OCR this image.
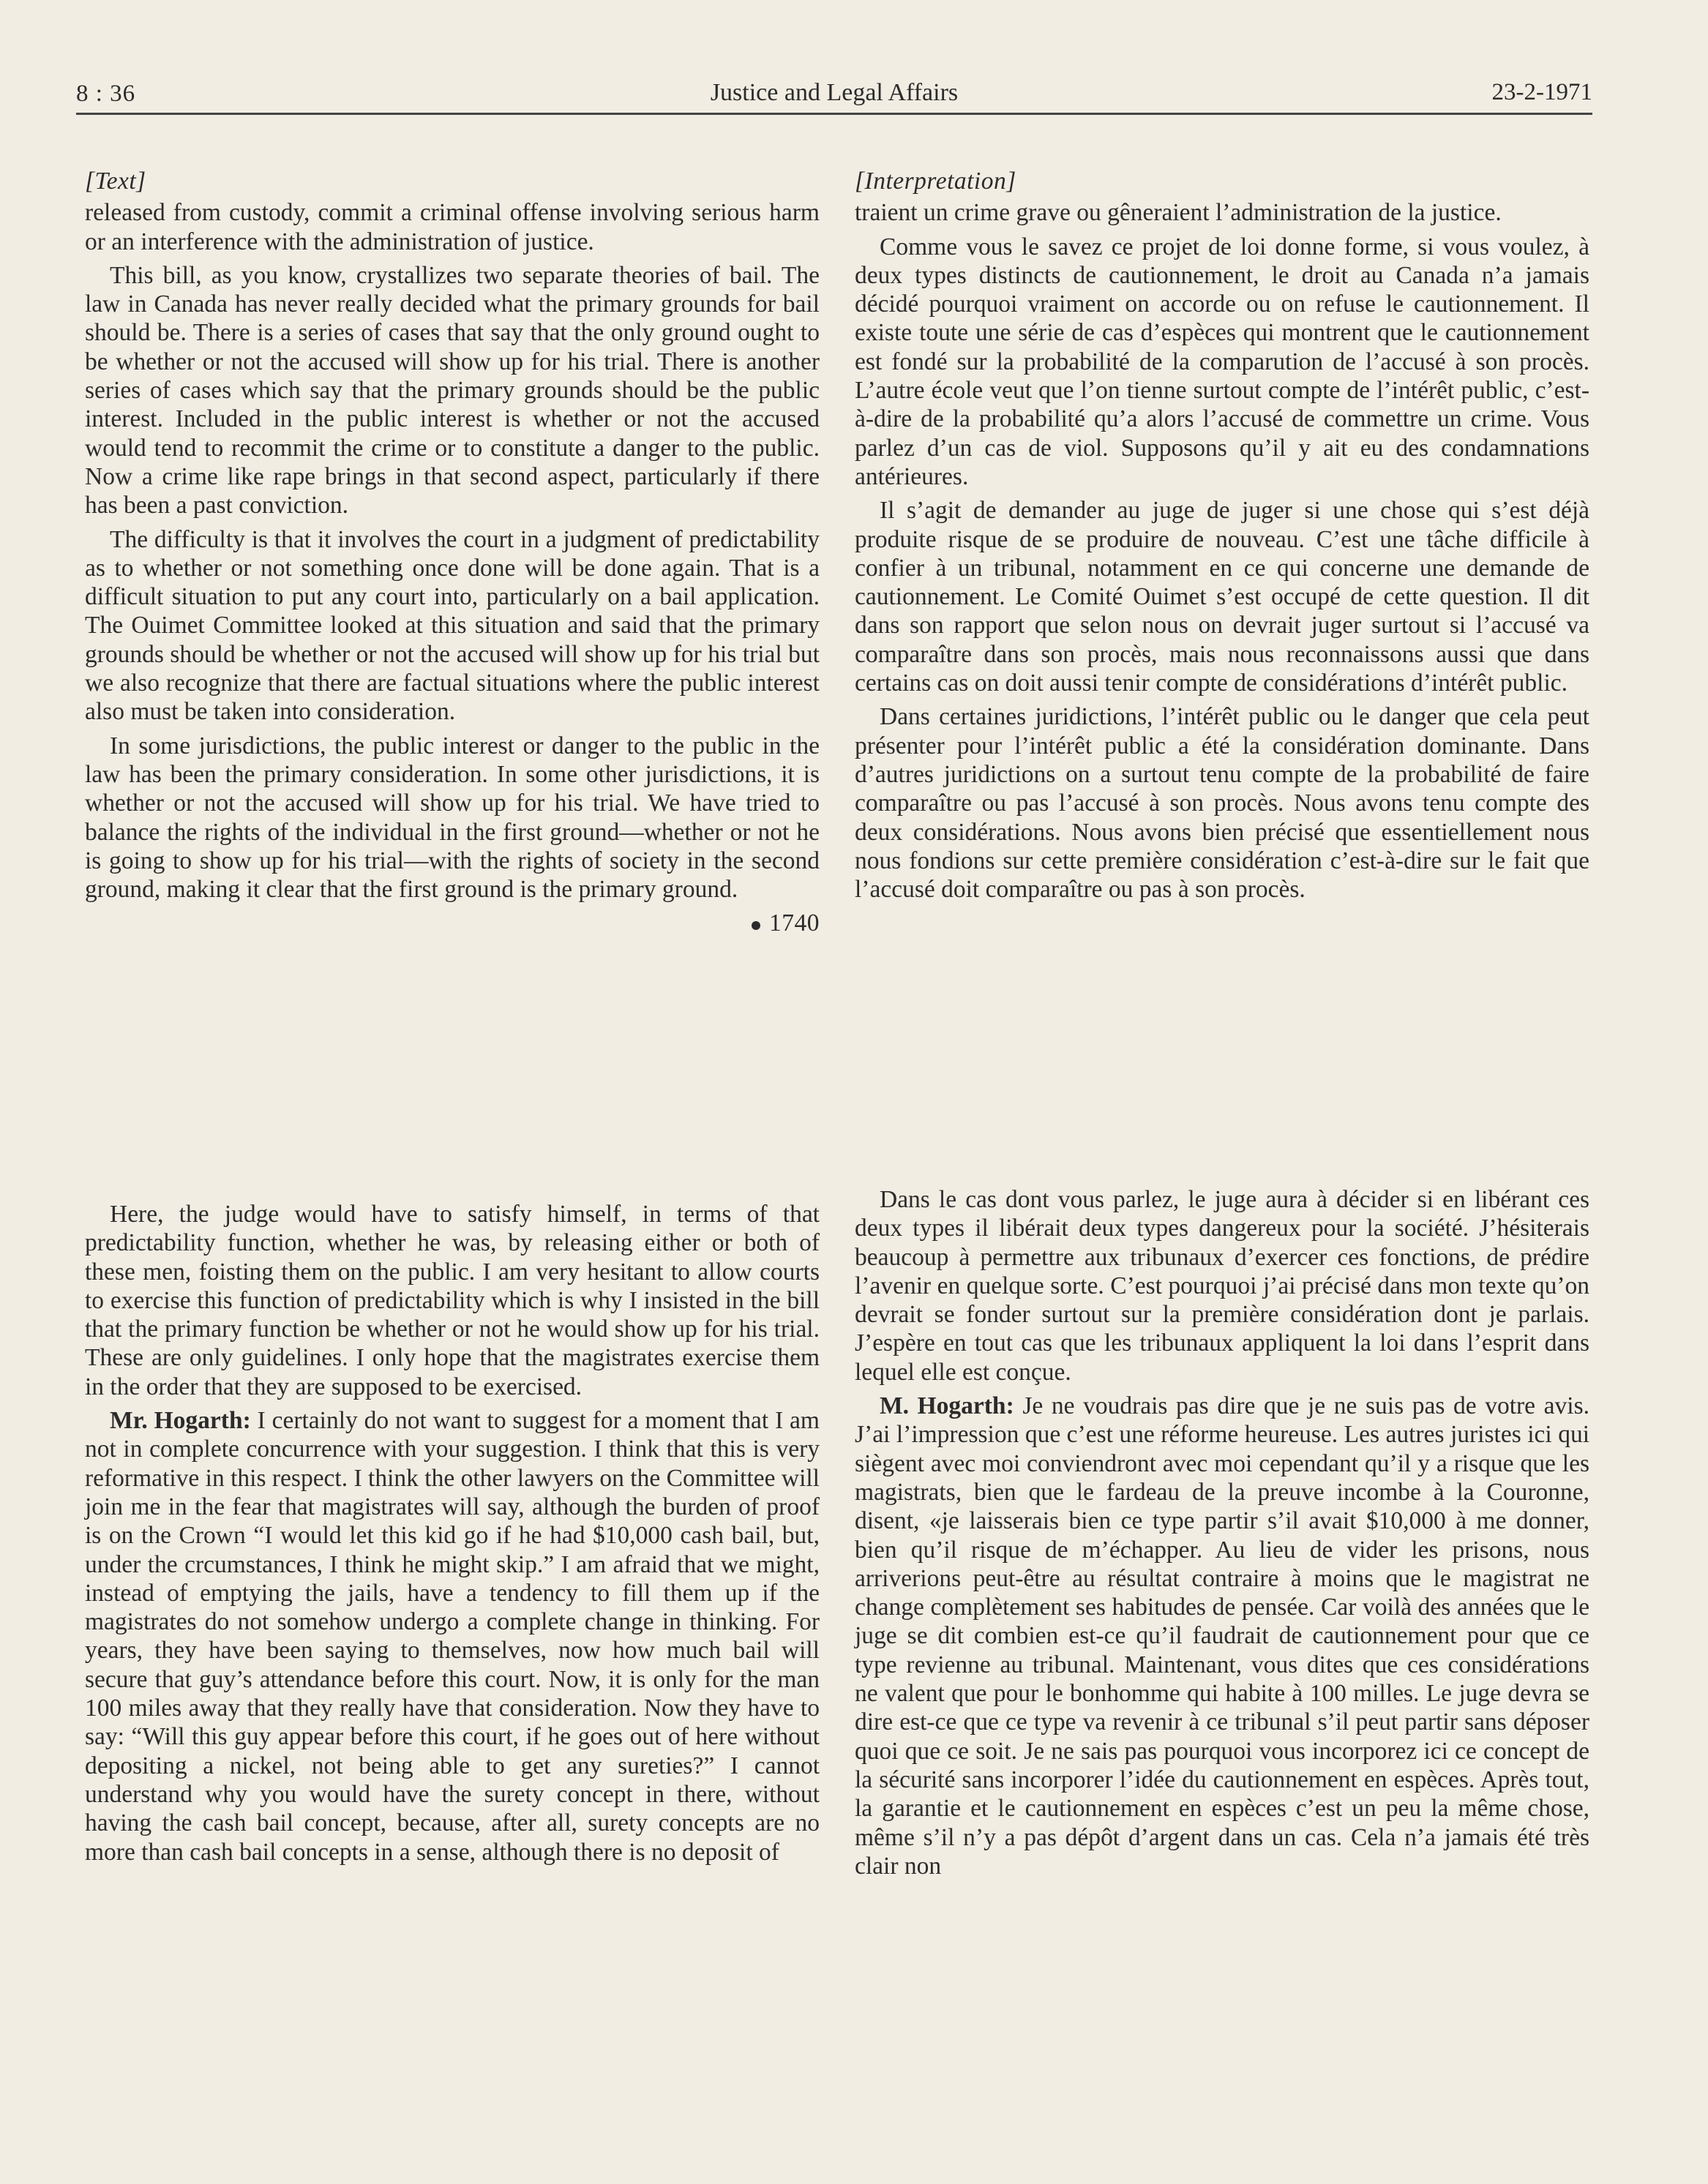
8 : 36	Justice and Legal Affairs	23-2-1971
[Text]

released from custody, commit a criminal offense involving serious harm or an interference with the administration of justice.

This bill, as you know, crystallizes two separate theories of bail. The law in Canada has never really decided what the primary grounds for bail should be. There is a series of cases that say that the only ground ought to be whether or not the accused will show up for his trial. There is another series of cases which say that the primary grounds should be the public interest. Included in the public interest is whether or not the accused would tend to recommit the crime or to constitute a danger to the public. Now a crime like rape brings in that second aspect, particularly if there has been a past conviction.

The difficulty is that it involves the court in a judgment of predictability as to whether or not something once done will be done again. That is a difficult situation to put any court into, particularly on a bail application. The Ouimet Committee looked at this situation and said that the primary grounds should be whether or not the accused will show up for his trial but we also recognize that there are factual situations where the public interest also must be taken into consideration.

In some jurisdictions, the public interest or danger to the public in the law has been the primary consideration. In some other jurisdictions, it is whether or not the accused will show up for his trial. We have tried to balance the rights of the individual in the first ground—whether or not he is going to show up for his trial—with the rights of society in the second ground, making it clear that the first ground is the primary ground.

1740
[Interpretation]

traient un crime grave ou gêneraient l’administration de la justice.

Comme vous le savez ce projet de loi donne forme, si vous voulez, à deux types distincts de cautionnement, le droit au Canada n’a jamais décidé pourquoi vraiment on accorde ou on refuse le cautionnement. Il existe toute une série de cas d’espèces qui montrent que le cautionnement est fondé sur la probabilité de la comparution de l’accusé à son procès. L’autre école veut que l’on tienne surtout compte de l’intérêt public, c’est-à-dire de la probabilité qu’a alors l’accusé de commettre un crime. Vous parlez d’un cas de viol. Supposons qu’il y ait eu des condamnations antérieures.

Il s’agit de demander au juge de juger si une chose qui s’est déjà produite risque de se produire de nouveau. C’est une tâche difficile à confier à un tribunal, notamment en ce qui concerne une demande de cautionnement. Le Comité Ouimet s’est occupé de cette question. Il dit dans son rapport que selon nous on devrait juger surtout si l’accusé va comparaître dans son procès, mais nous reconnaissons aussi que dans certains cas on doit aussi tenir compte de considérations d’intérêt public.

Dans certaines juridictions, l’intérêt public ou le danger que cela peut présenter pour l’intérêt public a été la considération dominante. Dans d’autres juridictions on a surtout tenu compte de la probabilité de faire comparaître ou pas l’accusé à son procès. Nous avons tenu compte des deux considérations. Nous avons bien précisé que essentiellement nous nous fondions sur cette première considération c’est-à-dire sur le fait que l’accusé doit comparaître ou pas à son procès.

Here, the judge would have to satisfy himself, in terms of that predictability function, whether he was, by releasing either or both of these men, foisting them on the public. I am very hesitant to allow courts to exercise this function of predictability which is why I insisted in the bill that the primary function be whether or not he would show up for his trial. These are only guidelines. I only hope that the magistrates exercise them in the order that they are supposed to be exercised.

Mr. Hogarth: I certainly do not want to suggest for a moment that I am not in complete concurrence with your suggestion. I think that this is very reformative in this respect. I think the other lawyers on the Committee will join me in the fear that magistrates will say, although the burden of proof is on the Crown “I would let this kid go if he had $10,000 cash bail, but, under the crcumstances, I think he might skip.” I am afraid that we might, instead of emptying the jails, have a tendency to fill them up if the magistrates do not somehow undergo a complete change in thinking. For years, they have been saying to themselves, now how much bail will secure that guy’s attendance before this court. Now, it is only for the man 100 miles away that they really have that consideration. Now they have to say: “Will this guy appear before this court, if he goes out of here without depositing a nickel, not being able to get any sureties?” I cannot understand why you would have the surety concept in there, without having the cash bail concept, because, after all, surety concepts are no more than cash bail concepts in a sense, although there is no deposit of

Dans le cas dont vous parlez, le juge aura à décider si en libérant ces deux types il libérait deux types dangereux pour la société. J’hésiterais beaucoup à permettre aux tribunaux d’exercer ces fonctions, de prédire l’avenir en quelque sorte. C’est pourquoi j’ai précisé dans mon texte qu’on devrait se fonder surtout sur la première considération dont je parlais. J’espère en tout cas que les tribunaux appliquent la loi dans l’esprit dans lequel elle est conçue.

M. Hogarth: Je ne voudrais pas dire que je ne suis pas de votre avis. J’ai l’impression que c’est une réforme heureuse. Les autres juristes ici qui siègent avec moi conviendront avec moi cependant qu’il y a risque que les magistrats, bien que le fardeau de la preuve incombe à la Couronne, disent, «je laisserais bien ce type partir s’il avait $10,000 à me donner, bien qu’il risque de m’échapper. Au lieu de vider les prisons, nous arriverions peut-être au résultat contraire à moins que le magistrat ne change complètement ses habitudes de pensée. Car voilà des années que le juge se dit combien est-ce qu’il faudrait de cautionnement pour que ce type revienne au tribunal. Maintenant, vous dites que ces considérations ne valent que pour le bonhomme qui habite à 100 milles. Le juge devra se dire est-ce que ce type va revenir à ce tribunal s’il peut partir sans déposer quoi que ce soit. Je ne sais pas pourquoi vous incorporez ici ce concept de la sécurité sans incorporer l’idée du cautionnement en espèces. Après tout, la garantie et le cautionnement en espèces c’est un peu la même chose, même s’il n’y a pas dépôt d’argent dans un cas. Cela n’a jamais été très clair non
